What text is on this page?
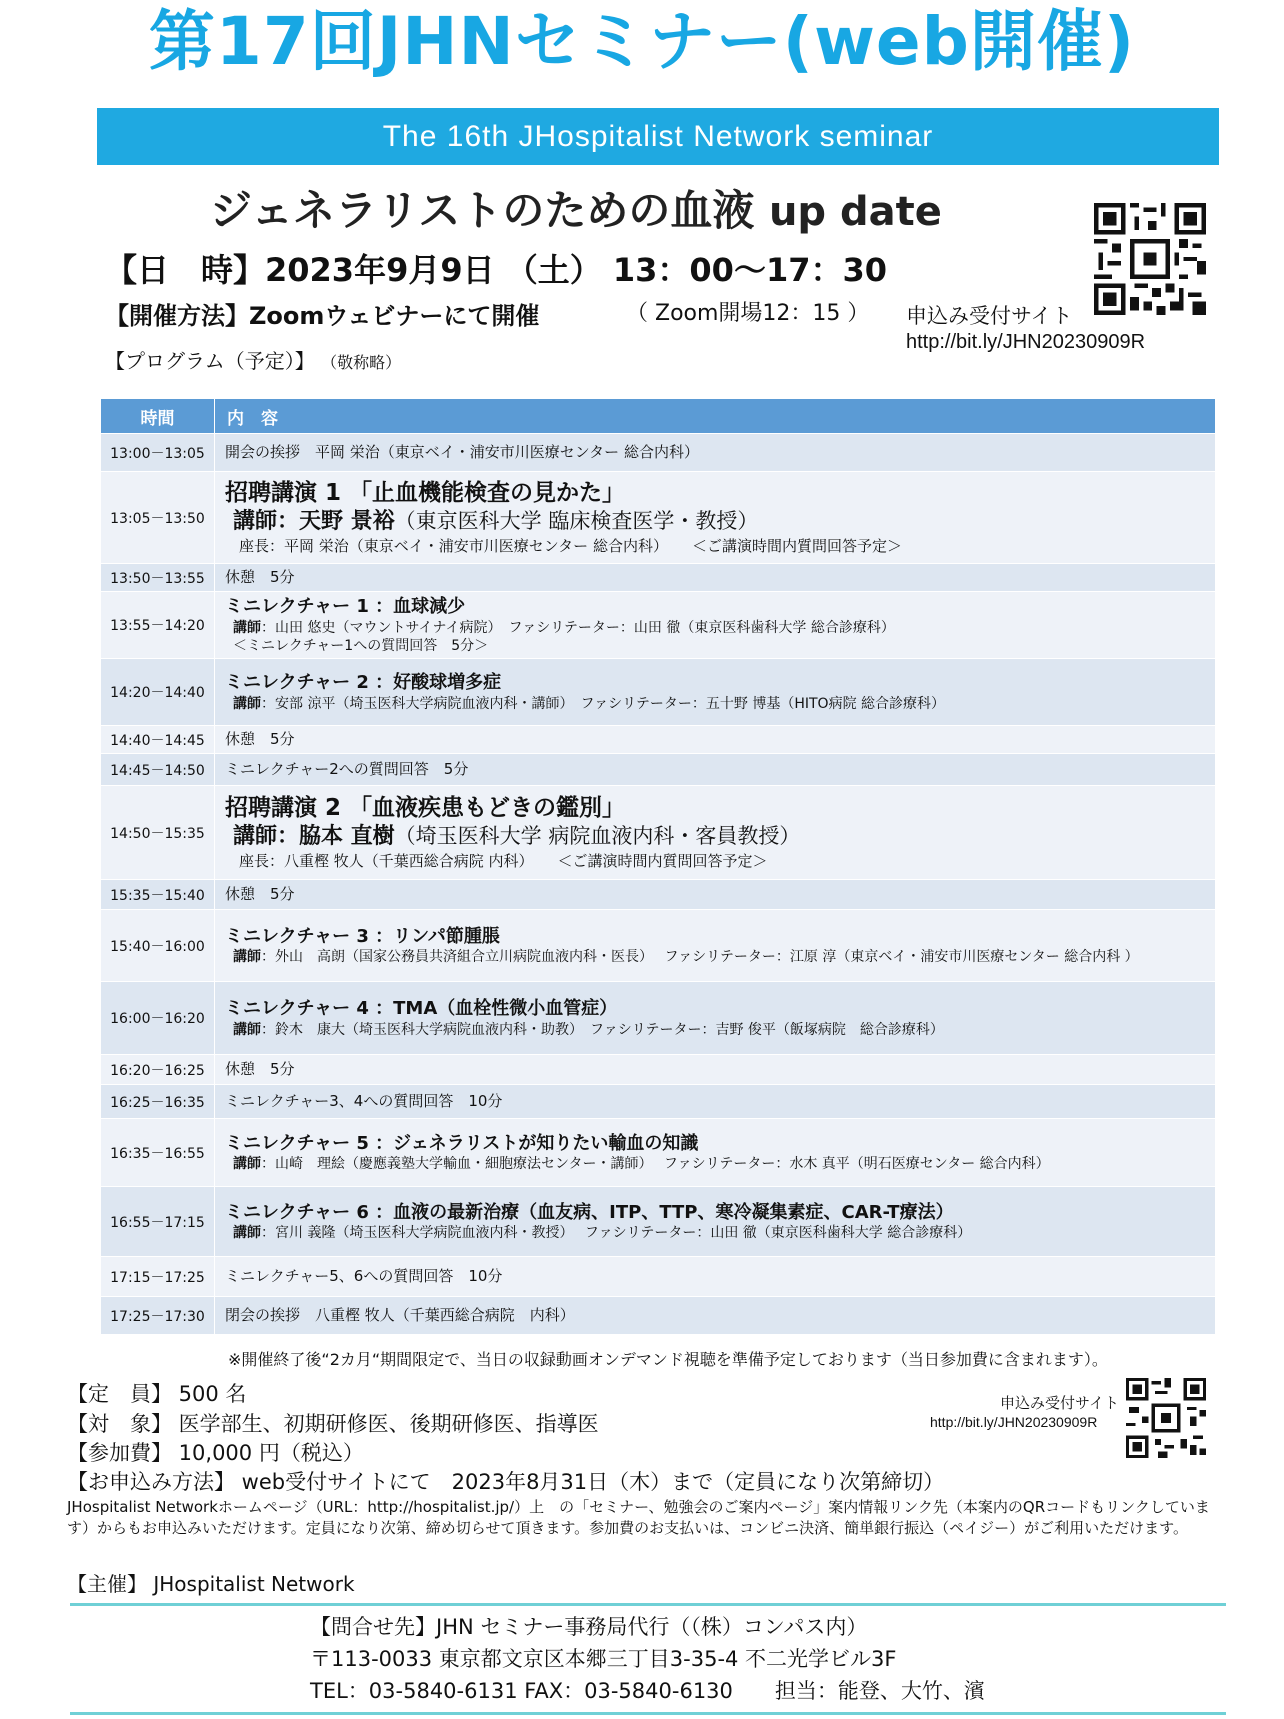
第17回JHNセミナー(web開催)
The 16th JHospitalist Network seminar
ジェネラリストのための血液 up date
【日　時】2023年9月9日 （土） 13：00～17：30
【開催方法】Zoomウェビナーにて開催	（ Zoom開場12：15 ）
【プログラム（予定）】 （敬称略）
申込み受付サイト
http://bit.ly/JHN20230909R
時間	内　容
13:00－13:05	開会の挨拶　平岡 栄治（東京ベイ・浦安市川医療センター 総合内科）
13:05－13:50	招聘講演 1 「止血機能検査の見かた」
講師：天野 景裕（東京医科大学 臨床検査医学・教授）
座長：平岡 栄治（東京ベイ・浦安市川医療センター 総合内科） ＜ご講演時間内質問回答予定＞

13:50－13:55	休憩　5分
13:55－14:20	ミニレクチャー 1 ：血球減少
講師：山田 悠史（マウントサイナイ病院）　ファシリテーター：山田 徹（東京医科歯科大学 総合診療科）
＜ミニレクチャー1への質問回答　5分＞

14:20－14:40	ミニレクチャー 2 ：好酸球増多症
講師：安部 涼平（埼玉医科大学病院血液内科・講師）　ファシリテーター：五十野 博基（HITO病院 総合診療科）

14:40－14:45	休憩　5分
14:45－14:50	ミニレクチャー2への質問回答　5分
14:50－15:35	招聘講演 2 「血液疾患もどきの鑑別」
講師：脇本 直樹（埼玉医科大学 病院血液内科・客員教授）
座長：八重樫 牧人（千葉西総合病院 内科） ＜ご講演時間内質問回答予定＞

15:35－15:40	休憩　5分
15:40－16:00	ミニレクチャー 3 ：リンパ節腫脹
講師：外山　高朗（国家公務員共済組合立川病院血液内科・医長）　 ファシリテーター：江原 淳（東京ベイ・浦安市川医療センター 総合内科 ）

16:00－16:20	ミニレクチャー 4 ：TMA（血栓性微小血管症）
講師：鈴木　康大（埼玉医科大学病院血液内科・助教）　ファシリテーター：吉野 俊平（飯塚病院　総合診療科）

16:20－16:25	休憩　5分
16:25－16:35	ミニレクチャー3、4への質問回答　10分
16:35－16:55	ミニレクチャー 5 ：ジェネラリストが知りたい輸血の知識
講師：山崎　理絵（慶應義塾大学輸血・細胞療法センター・講師）　 ファシリテーター：水木 真平（明石医療センター 総合内科）

16:55－17:15	ミニレクチャー 6 ：血液の最新治療（血友病、ITP、TTP、寒冷凝集素症、CAR-T療法）
講師：宮川 義隆（埼玉医科大学病院血液内科・教授）　 ファシリテーター：山田 徹（東京医科歯科大学 総合診療科）

17:15－17:25	ミニレクチャー5、6への質問回答　10分
17:25－17:30	閉会の挨拶　八重樫 牧人（千葉西総合病院　内科）
※開催終了後“2カ月“期間限定で、当日の収録動画オンデマンド視聴を準備予定しております（当日参加費に含まれます）。
【定　員】 500 名
【対　象】 医学部生、初期研修医、後期研修医、指導医
【参加費】 10,000 円（税込）
【お申込み方法】 web受付サイトにて　2023年8月31日（木）まで（定員になり次第締切）
JHospitalist Networkホームページ（URL：http://hospitalist.jp/）上　の「セミナー、勉強会のご案内ページ」案内情報リンク先（本案内のQRコードもリンクしています）からもお申込みいただけます。定員になり次第、締め切らせて頂きます。参加費のお支払いは、コンビニ決済、簡単銀行振込（ペイジー）がご利用いただけます。
【主催】 JHospitalist Network
申込み受付サイト
http://bit.ly/JHN20230909R
【問合せ先】JHN セミナー事務局代行（（株）コンパス内）
〒113-0033 東京都文京区本郷三丁目3-35-4 不二光学ビル3F
TEL：03-5840-6131 FAX：03-5840-6130　　担当：能登、大竹、濱
